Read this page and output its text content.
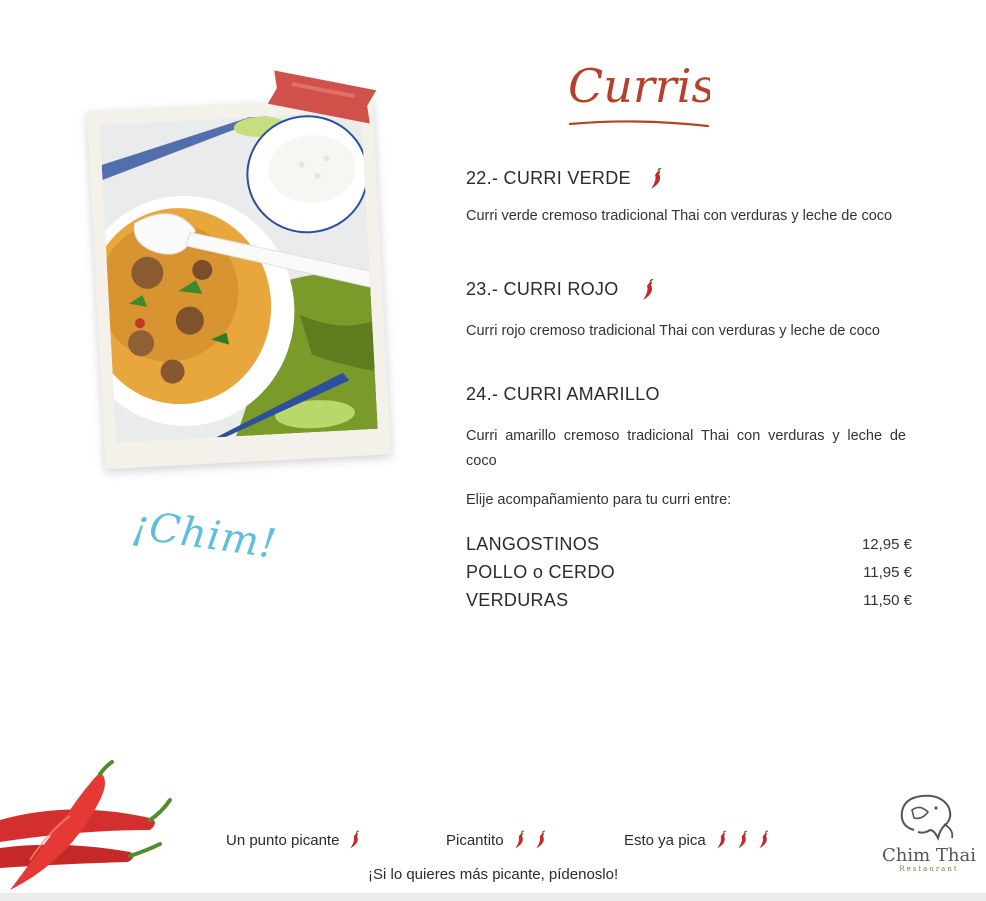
Curris
¡Chim!
22.- CURRI VERDE
Curri verde cremoso tradicional Thai con verduras y leche de coco
23.- CURRI ROJO
Curri rojo cremoso tradicional Thai con verduras y leche de coco
24.- CURRI AMARILLO
Curri amarillo cremoso tradicional Thai con verduras y leche de coco
Elije acompañamiento para tu curri entre:
LANGOSTINOS	12,95 €
POLLO o CERDO	11,95 €
VERDURAS	11,50 €
Un punto picante	Picantito	Esto ya pica
¡Si lo quieres más picante, pídenoslo!
Chim Thai
Restaurant
